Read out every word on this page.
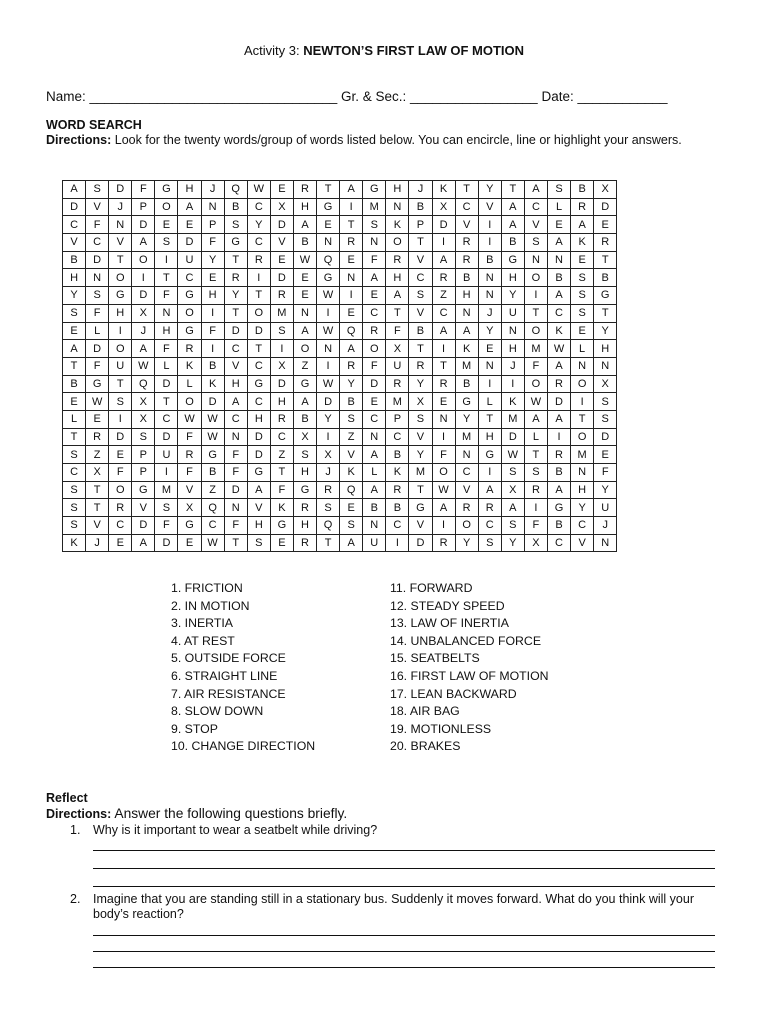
Activity 3: NEWTON’S FIRST LAW OF MOTION
Name: _________________________________ Gr. & Sec.: _________________ Date: ____________
WORD SEARCH
Directions: Look for the twenty words/group of words listed below. You can encircle, line or highlight your answers.
A	S	D	F	G	H	J	Q	W	E	R	T	A	G	H	J	K	T	Y	T	A	S	B	X
D	V	J	P	O	A	N	B	C	X	H	G	I	M	N	B	X	C	V	A	C	L	R	D
C	F	N	D	E	E	P	S	Y	D	A	E	T	S	K	P	D	V	I	A	V	E	A	E
V	C	V	A	S	D	F	G	C	V	B	N	R	N	O	T	I	R	I	B	S	A	K	R
B	D	T	O	I	U	Y	T	R	E	W	Q	E	F	R	V	A	R	B	G	N	N	E	T
H	N	O	I	T	C	E	R	I	D	E	G	N	A	H	C	R	B	N	H	O	B	S	B
Y	S	G	D	F	G	H	Y	T	R	E	W	I	E	A	S	Z	H	N	Y	I	A	S	G
S	F	H	X	N	O	I	T	O	M	N	I	E	C	T	V	C	N	J	U	T	C	S	T
E	L	I	J	H	G	F	D	D	S	A	W	Q	R	F	B	A	A	Y	N	O	K	E	Y
A	D	O	A	F	R	I	C	T	I	O	N	A	O	X	T	I	K	E	H	M	W	L	H
T	F	U	W	L	K	B	V	C	X	Z	I	R	F	U	R	T	M	N	J	F	A	N	N
B	G	T	Q	D	L	K	H	G	D	G	W	Y	D	R	Y	R	B	I	I	O	R	O	X
E	W	S	X	T	O	D	A	C	H	A	D	B	E	M	X	E	G	L	K	W	D	I	S
L	E	I	X	C	W	W	C	H	R	B	Y	S	C	P	S	N	Y	T	M	A	A	T	S
T	R	D	S	D	F	W	N	D	C	X	I	Z	N	C	V	I	M	H	D	L	I	O	D
S	Z	E	P	U	R	G	F	D	Z	S	X	V	A	B	Y	F	N	G	W	T	R	M	E
C	X	F	P	I	F	B	F	G	T	H	J	K	L	K	M	O	C	I	S	S	B	N	F
S	T	O	G	M	V	Z	D	A	F	G	R	Q	A	R	T	W	V	A	X	R	A	H	Y
S	T	R	V	S	X	Q	N	V	K	R	S	E	B	B	G	A	R	R	A	I	G	Y	U
S	V	C	D	F	G	C	F	H	G	H	Q	S	N	C	V	I	O	C	S	F	B	C	J
K	J	E	A	D	E	W	T	S	E	R	T	A	U	I	D	R	Y	S	Y	X	C	V	N
1. FRICTION
2. IN MOTION
3. INERTIA
4. AT REST
5. OUTSIDE FORCE
6. STRAIGHT LINE
7. AIR RESISTANCE
8. SLOW DOWN
9. STOP
10. CHANGE DIRECTION
11. FORWARD
12. STEADY SPEED
13. LAW OF INERTIA
14. UNBALANCED FORCE
15. SEATBELTS
16. FIRST LAW OF MOTION
17. LEAN BACKWARD
18. AIR BAG
19. MOTIONLESS
20. BRAKES
Reflect
Directions: Answer the following questions briefly.
1. Why is it important to wear a seatbelt while driving?
2. Imagine that you are standing still in a stationary bus. Suddenly it moves forward. What do you think will your body’s reaction?
